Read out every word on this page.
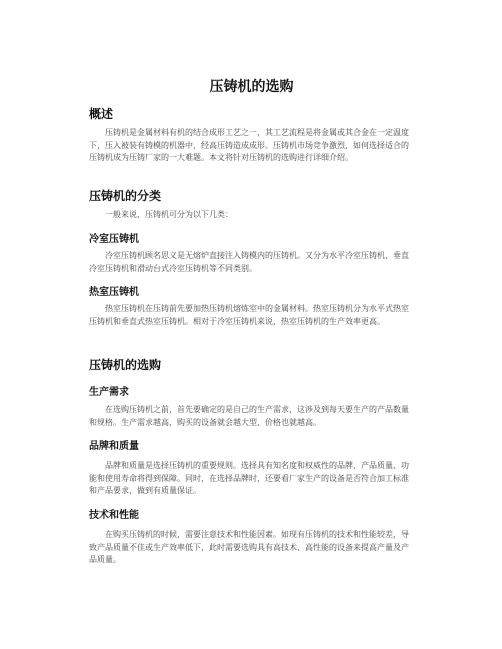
压铸机的选购
概述

压铸机是金属材料有机的结合成形工艺之一，其工艺流程是将金属或其合金在一定温度下，压入被装有铸模的机器中，经高压铸造成成形。压铸机市场竞争激烈，如何选择适合的压铸机成为压铸厂家的一大难题。本文将针对压铸机的选购进行详细介绍。

压铸机的分类

一般来说，压铸机可分为以下几类：

冷室压铸机

冷室压铸机顾名思义是无熔炉直接注入铸模内的压铸机。又分为水平冷室压铸机、垂直冷室压铸机和滑动台式冷室压铸机等不同类别。

热室压铸机

热室压铸机在压铸前先要加热压铸机熔炼室中的金属材料。热室压铸机分为水平式热室压铸机和垂直式热室压铸机。相对于冷室压铸机来说，热室压铸机的生产效率更高。

压铸机的选购
生产需求

在选购压铸机之前，首先要确定的是自己的生产需求，这涉及到每天要生产的产品数量和规格。生产需求越高，购买的设备就会越大型、价格也就越高。

品牌和质量

品牌和质量是选择压铸机的重要规则。选择具有知名度和权威性的品牌，产品质量、功能和使用寿命将得到保障。同时，在选择品牌时，还要看厂家生产的设备是否符合加工标准和产品要求，做到有质量保证。

技术和性能

在购买压铸机的时候，需要注意技术和性能因素。如现有压铸机的技术和性能较差，导致产品质量不佳或生产效率低下，此时需要选购具有高技术、高性能的设备来提高产量及产品质量。
